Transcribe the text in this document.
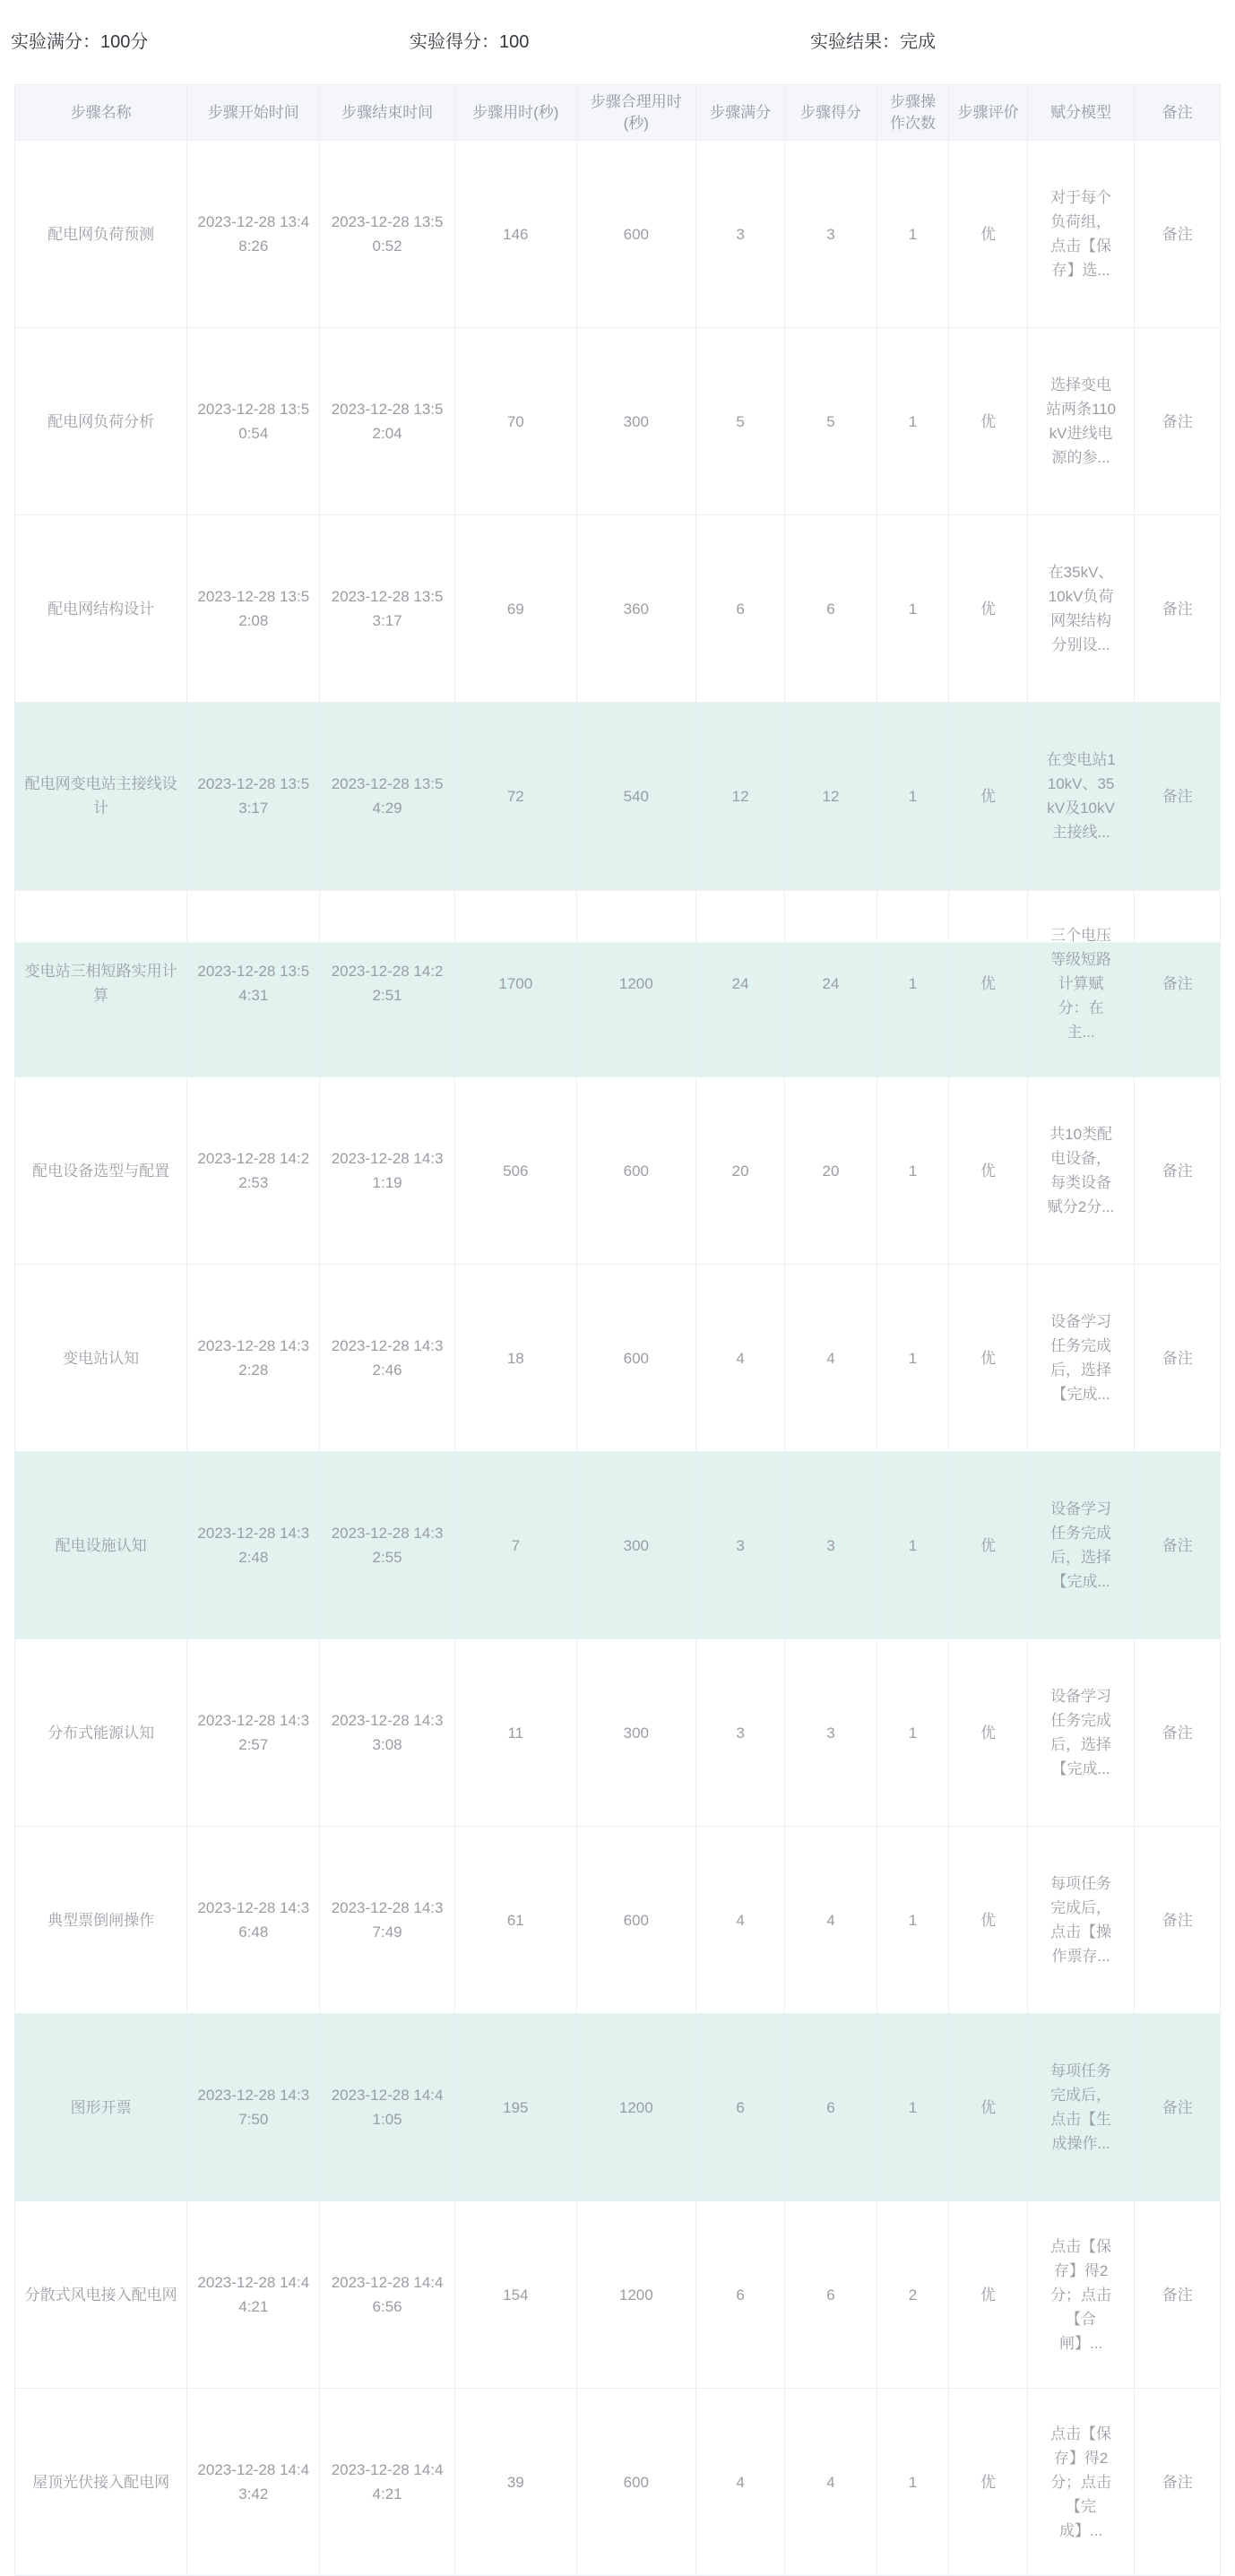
实验满分：100分	实验得分：100	实验结果：完成
步骤名称	步骤开始时间	步骤结束时间	步骤用时(秒)	步骤合理用时(秒)	步骤满分	步骤得分	步骤操作次数	步骤评价	赋分模型	备注
配电网负荷预测	2023-12-28 13:48:26	2023-12-28 13:50:52	146	600	3	3	1	优	对于每个负荷组，点击【保存】选...	备注
配电网负荷分析	2023-12-28 13:50:54	2023-12-28 13:52:04	70	300	5	5	1	优	选择变电站两条110kV进线电源的参...	备注
配电网结构设计	2023-12-28 13:52:08	2023-12-28 13:53:17	69	360	6	6	1	优	在35kV、10kV负荷网架结构分别设...	备注
配电网变电站主接线设计	2023-12-28 13:53:17	2023-12-28 13:54:29	72	540	12	12	1	优	在变电站110kV、35kV及10kV主接线...	备注
变电站三相短路实用计算	2023-12-28 13:54:31	2023-12-28 14:22:51	1700	1200	24	24	1	优	三个电压等级短路计算赋分：在主...	备注
配电设备选型与配置	2023-12-28 14:22:53	2023-12-28 14:31:19	506	600	20	20	1	优	共10类配电设备，每类设备赋分2分...	备注
变电站认知	2023-12-28 14:32:28	2023-12-28 14:32:46	18	600	4	4	1	优	设备学习任务完成后，选择【完成...	备注
配电设施认知	2023-12-28 14:32:48	2023-12-28 14:32:55	7	300	3	3	1	优	设备学习任务完成后，选择【完成...	备注
分布式能源认知	2023-12-28 14:32:57	2023-12-28 14:33:08	11	300	3	3	1	优	设备学习任务完成后，选择【完成...	备注
典型票倒闸操作	2023-12-28 14:36:48	2023-12-28 14:37:49	61	600	4	4	1	优	每项任务完成后，点击【操作票存...	备注
图形开票	2023-12-28 14:37:50	2023-12-28 14:41:05	195	1200	6	6	1	优	每项任务完成后，点击【生成操作...	备注
分散式风电接入配电网	2023-12-28 14:44:21	2023-12-28 14:46:56	154	1200	6	6	2	优	点击【保存】得2分；点击【合闸】...	备注
屋顶光伏接入配电网	2023-12-28 14:43:42	2023-12-28 14:44:21	39	600	4	4	1	优	点击【保存】得2分；点击【完成】...	备注
